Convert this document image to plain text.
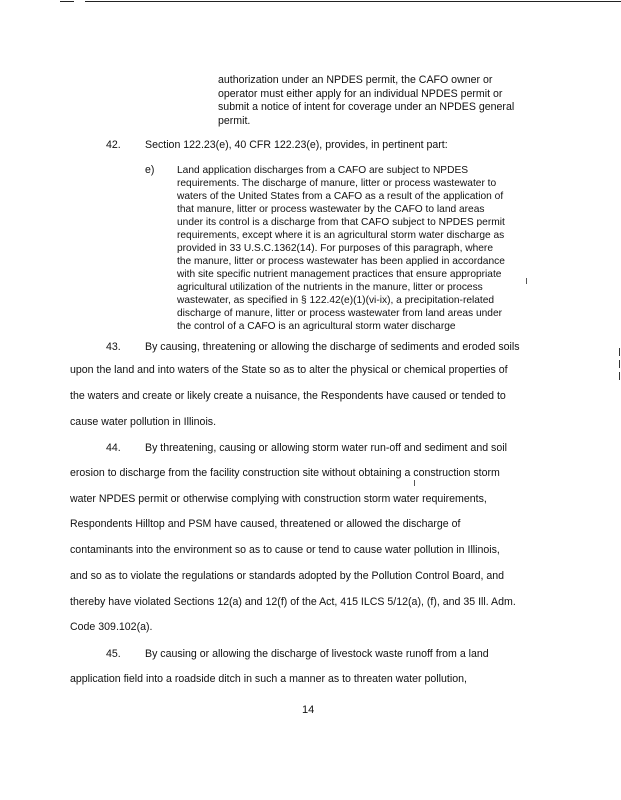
authorization under an NPDES permit, the CAFO owner or
operator must either apply for an individual NPDES permit or
submit a notice of intent for coverage under an NPDES general
permit.
42. Section 122.23(e), 40 CFR 122.23(e), provides, in pertinent part:
e) Land application discharges from a CAFO are subject to NPDES
requirements. The discharge of manure, litter or process wastewater to
waters of the United States from a CAFO as a result of the application of
that manure, litter or process wastewater by the CAFO to land areas
under its control is a discharge from that CAFO subject to NPDES permit
requirements, except where it is an agricultural storm water discharge as
provided in 33 U.S.C.1362(14). For purposes of this paragraph, where
the manure, litter or process wastewater has been applied in accordance
with site specific nutrient management practices that ensure appropriate
agricultural utilization of the nutrients in the manure, litter or process
wastewater, as specified in § 122.42(e)(1)(vi-ix), a precipitation-related
discharge of manure, litter or process wastewater from land areas under
the control of a CAFO is an agricultural storm water discharge
43. By causing, threatening or allowing the discharge of sediments and eroded soils
upon the land and into waters of the State so as to alter the physical or chemical properties of
the waters and create or likely create a nuisance, the Respondents have caused or tended to
cause water pollution in Illinois.
44. By threatening, causing or allowing storm water run-off and sediment and soil
erosion to discharge from the facility construction site without obtaining a construction storm
water NPDES permit or otherwise complying with construction storm water requirements,
Respondents Hilltop and PSM have caused, threatened or allowed the discharge of
contaminants into the environment so as to cause or tend to cause water pollution in Illinois,
and so as to violate the regulations or standards adopted by the Pollution Control Board, and
thereby have violated Sections 12(a) and 12(f) of the Act, 415 ILCS 5/12(a), (f), and 35 Ill. Adm.
Code 309.102(a).
45. By causing or allowing the discharge of livestock waste runoff from a land
application field into a roadside ditch in such a manner as to threaten water pollution,
14
